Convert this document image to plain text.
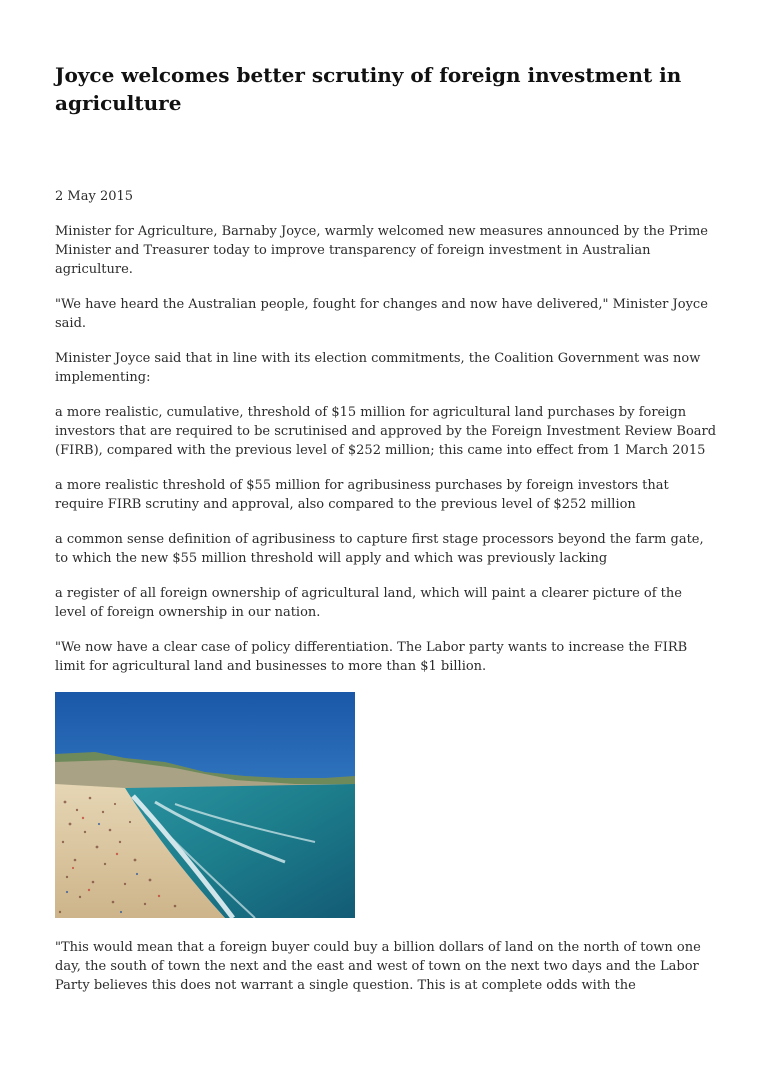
Joyce welcomes better scrutiny of foreign investment in agriculture

2 May 2015

Minister for Agriculture, Barnaby Joyce, warmly welcomed new measures announced by the Prime Minister and Treasurer today to improve transparency of foreign investment in Australian agriculture.

"We have heard the Australian people, fought for changes and now have delivered," Minister Joyce said.

Minister Joyce said that in line with its election commitments, the Coalition Government was now implementing:

a more realistic, cumulative, threshold of $15 million for agricultural land purchases by foreign investors that are required to be scrutinised and approved by the Foreign Investment Review Board (FIRB), compared with the previous level of $252 million; this came into effect from 1 March 2015

a more realistic threshold of $55 million for agribusiness purchases by foreign investors that require FIRB scrutiny and approval, also compared to the previous level of $252 million

a common sense definition of agribusiness to capture first stage processors beyond the farm gate, to which the new $55 million threshold will apply and which was previously lacking

a register of all foreign ownership of agricultural land, which will paint a clearer picture of the level of foreign ownership in our nation.

"We now have a clear case of policy differentiation. The Labor party wants to increase the FIRB limit for agricultural land and businesses to more than $1 billion.

"This would mean that a foreign buyer could buy a billion dollars of land on the north of town one day, the south of town the next and the east and west of town on the next two days and the Labor Party believes this does not warrant a single question. This is at complete odds with the
